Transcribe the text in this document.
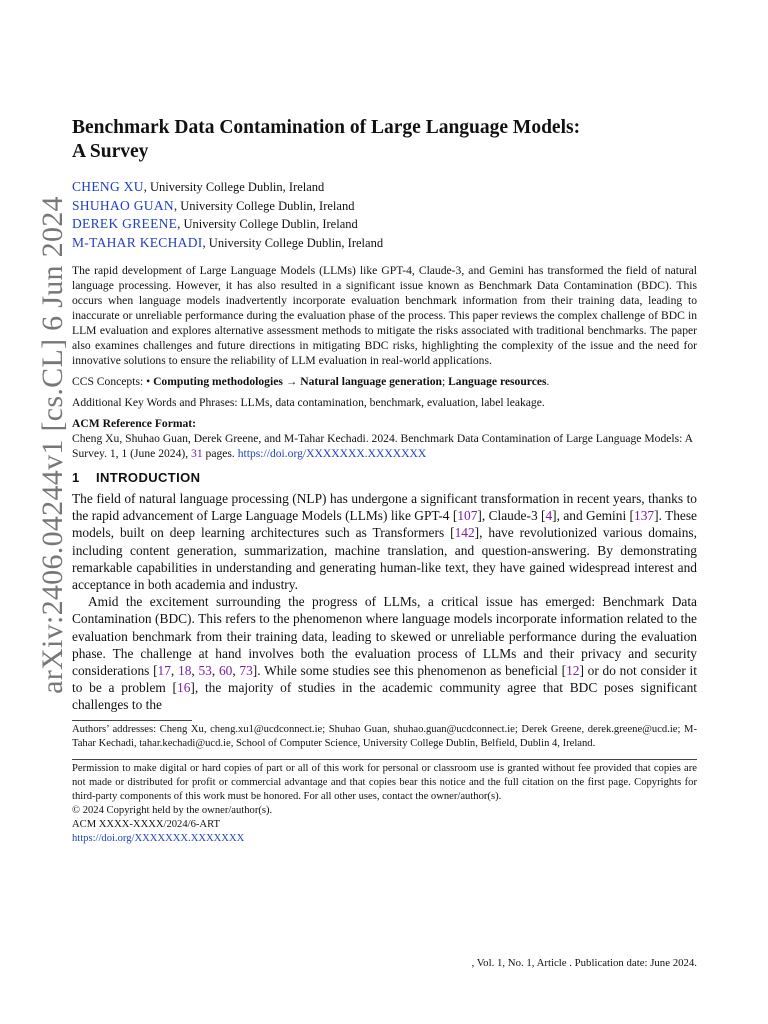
arXiv:2406.04244v1 [cs.CL] 6 Jun 2024
Benchmark Data Contamination of Large Language Models:
A Survey
CHENG XU, University College Dublin, Ireland
SHUHAO GUAN, University College Dublin, Ireland
DEREK GREENE, University College Dublin, Ireland
M-TAHAR KECHADI, University College Dublin, Ireland
The rapid development of Large Language Models (LLMs) like GPT-4, Claude-3, and Gemini has transformed the field of natural language processing. However, it has also resulted in a significant issue known as Benchmark Data Contamination (BDC). This occurs when language models inadvertently incorporate evaluation benchmark information from their training data, leading to inaccurate or unreliable performance during the evaluation phase of the process. This paper reviews the complex challenge of BDC in LLM evaluation and explores alternative assessment methods to mitigate the risks associated with traditional benchmarks. The paper also examines challenges and future directions in mitigating BDC risks, highlighting the complexity of the issue and the need for innovative solutions to ensure the reliability of LLM evaluation in real-world applications.
CCS Concepts: • Computing methodologies → Natural language generation; Language resources.
Additional Key Words and Phrases: LLMs, data contamination, benchmark, evaluation, label leakage.
ACM Reference Format:
Cheng Xu, Shuhao Guan, Derek Greene, and M-Tahar Kechadi. 2024. Benchmark Data Contamination of Large Language Models: A Survey. 1, 1 (June 2024), 31 pages. https://doi.org/XXXXXXX.XXXXXXX
1 INTRODUCTION

The field of natural language processing (NLP) has undergone a significant transformation in recent years, thanks to the rapid advancement of Large Language Models (LLMs) like GPT-4 [107], Claude-3 [4], and Gemini [137]. These models, built on deep learning architectures such as Transformers [142], have revolutionized various domains, including content generation, summarization, machine translation, and question-answering. By demonstrating remarkable capabilities in understanding and generating human-like text, they have gained widespread interest and acceptance in both academia and industry.

Amid the excitement surrounding the progress of LLMs, a critical issue has emerged: Benchmark Data Contamination (BDC). This refers to the phenomenon where language models incorporate information related to the evaluation benchmark from their training data, leading to skewed or unreliable performance during the evaluation phase. The challenge at hand involves both the evaluation process of LLMs and their privacy and security considerations [17, 18, 53, 60, 73]. While some studies see this phenomenon as beneficial [12] or do not consider it to be a problem [16], the majority of studies in the academic community agree that BDC poses significant challenges to the

Authors’ addresses: Cheng Xu, cheng.xu1@ucdconnect.ie; Shuhao Guan, shuhao.guan@ucdconnect.ie; Derek Greene, derek.greene@ucd.ie; M-Tahar Kechadi, tahar.kechadi@ucd.ie, School of Computer Science, University College Dublin, Belfield, Dublin 4, Ireland.
Permission to make digital or hard copies of part or all of this work for personal or classroom use is granted without fee provided that copies are not made or distributed for profit or commercial advantage and that copies bear this notice and the full citation on the first page. Copyrights for third-party components of this work must be honored. For all other uses, contact the owner/author(s).
© 2024 Copyright held by the owner/author(s).
ACM XXXX-XXXX/2024/6-ART
https://doi.org/XXXXXXX.XXXXXXX
, Vol. 1, No. 1, Article . Publication date: June 2024.
